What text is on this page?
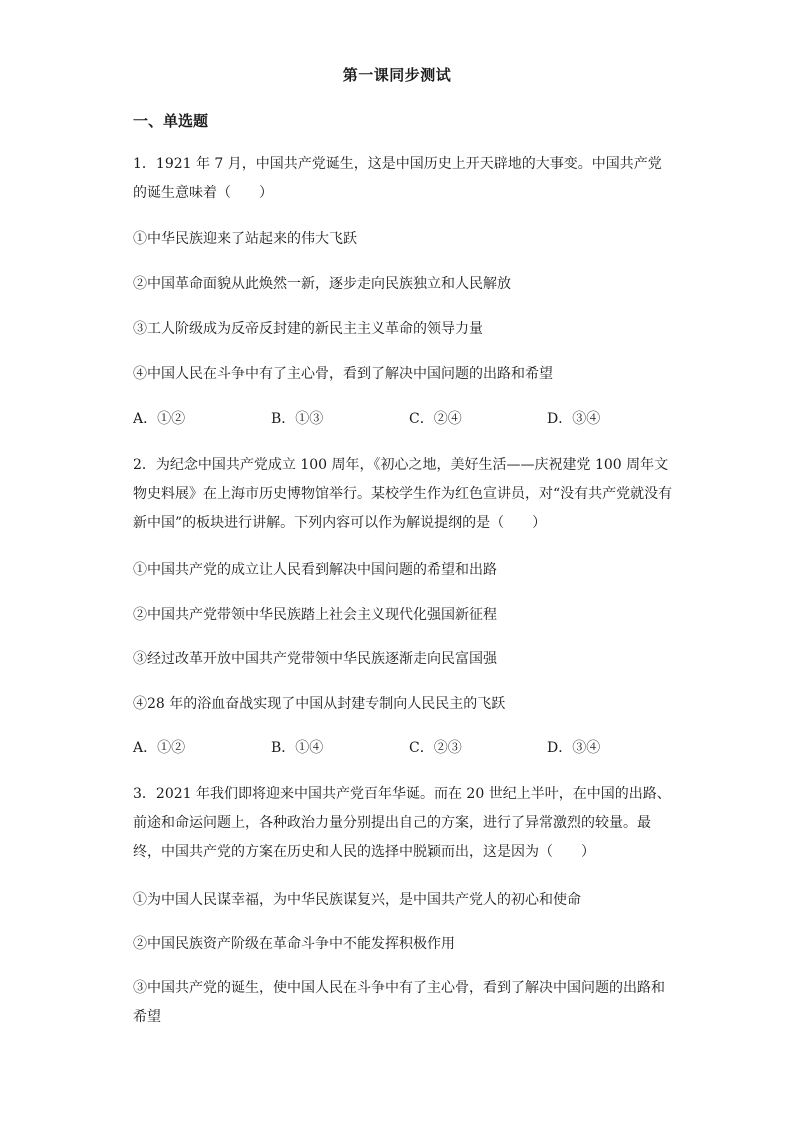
第一课同步测试
一、单选题
1．1921 年 7 月，中国共产党诞生，这是中国历史上开天辟地的大事变。中国共产党的诞生意味着（　　）
①中华民族迎来了站起来的伟大飞跃
②中国革命面貌从此焕然一新，逐步走向民族独立和人民解放
③工人阶级成为反帝反封建的新民主主义革命的领导力量
④中国人民在斗争中有了主心骨，看到了解决中国问题的出路和希望
A．①②	B．①③	C．②④	D．③④
2．为纪念中国共产党成立 100 周年，《初心之地，美好生活——庆祝建党 100 周年文物史料展》在上海市历史博物馆举行。某校学生作为红色宣讲员，对“没有共产党就没有新中国”的板块进行讲解。下列内容可以作为解说提纲的是（　　）
①中国共产党的成立让人民看到解决中国问题的希望和出路
②中国共产党带领中华民族踏上社会主义现代化强国新征程
③经过改革开放中国共产党带领中华民族逐渐走向民富国强
④28 年的浴血奋战实现了中国从封建专制向人民民主的飞跃
A．①②	B．①④	C．②③	D．③④
3．2021 年我们即将迎来中国共产党百年华诞。而在 20 世纪上半叶，在中国的出路、前途和命运问题上，各种政治力量分别提出自己的方案，进行了异常激烈的较量。最终，中国共产党的方案在历史和人民的选择中脱颖而出，这是因为（　　）
①为中国人民谋幸福，为中华民族谋复兴，是中国共产党人的初心和使命
②中国民族资产阶级在革命斗争中不能发挥积极作用
③中国共产党的诞生，使中国人民在斗争中有了主心骨，看到了解决中国问题的出路和希望
